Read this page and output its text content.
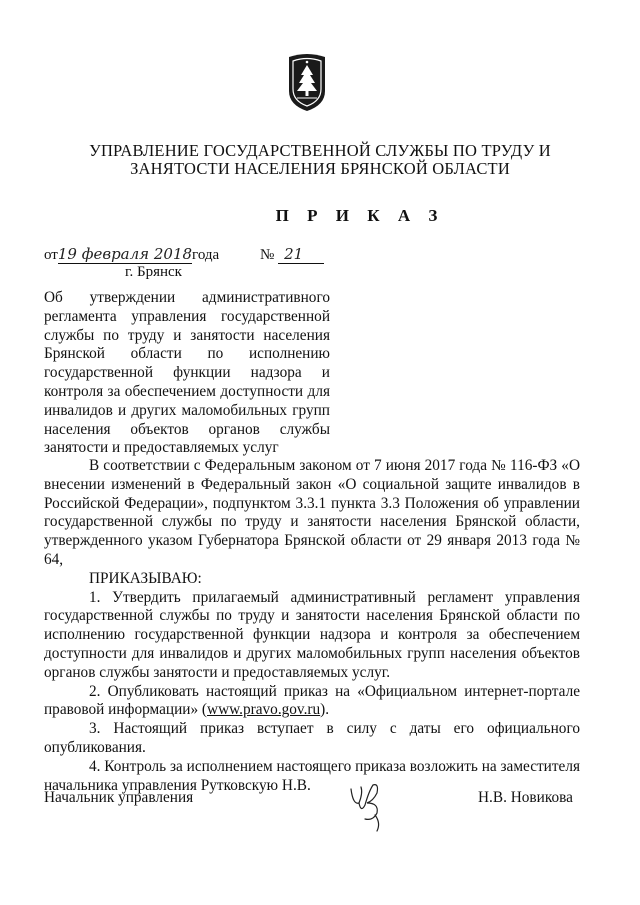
УПРАВЛЕНИЕ ГОСУДАРСТВЕННОЙ СЛУЖБЫ ПО ТРУДУ И
ЗАНЯТОСТИ НАСЕЛЕНИЯ БРЯНСКОЙ ОБЛАСТИ
П Р И К А З
от19 февраля 2018года	№ 21
г. Брянск

Об утверждении административного

регламента управления государственной

службы по труду и занятости населения

Брянской области по исполнению

государственной функции надзора и

контроля за обеспечением доступности для

инвалидов и других маломобильных групп

населения объектов органов службы

занятости и предоставляемых услуг

В соответствии с Федеральным законом от 7 июня 2017 года № 116-ФЗ «О внесении изменений в Федеральный закон «О социальной защите инвалидов в Российской Федерации», подпунктом 3.3.1 пункта 3.3 Положения об управлении государственной службы по труду и занятости населения Брянской области, утвержденного указом Губернатора Брянской области от 29 января 2013 года № 64,

ПРИКАЗЫВАЮ:

1. Утвердить прилагаемый административный регламент управления государственной службы по труду и занятости населения Брянской области по исполнению государственной функции надзора и контроля за обеспечением доступности для инвалидов и других маломобильных групп населения объектов органов службы занятости и предоставляемых услуг.

2. Опубликовать настоящий приказ на «Официальном интернет-портале правовой информации» (www.pravo.gov.ru).

3. Настоящий приказ вступает в силу с даты его официального опубликования.

4. Контроль за исполнением настоящего приказа возложить на заместителя начальника управления Рутковскую Н.В.

Начальник управления	Н.В. Новикова
